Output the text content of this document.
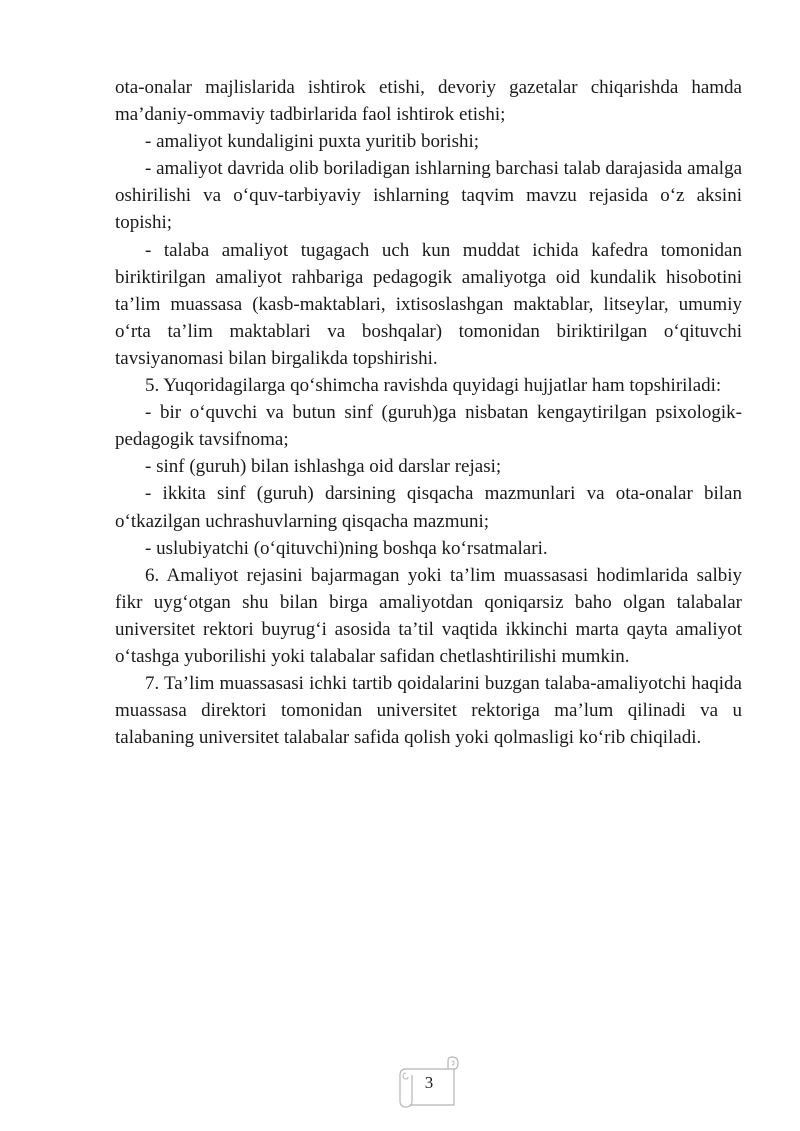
ota-onalar majlislarida ishtirok etishi, devoriy gazetalar chiqarishda hamda ma’daniy-ommaviy tadbirlarida faol ishtirok etishi;

- amaliyot kundaligini puxta yuritib borishi;

- amaliyot davrida olib boriladigan ishlarning barchasi talab darajasida amalga oshirilishi va o‘quv-tarbiyaviy ishlarning taqvim mavzu rejasida o‘z aksini topishi;

- talaba amaliyot tugagach uch kun muddat ichida kafedra tomonidan biriktirilgan amaliyot rahbariga pedagogik amaliyotga oid kundalik hisobotini ta’lim muassasa (kasb-maktablari, ixtisoslashgan maktablar, litseylar, umumiy o‘rta ta’lim maktablari va boshqalar) tomonidan biriktirilgan o‘qituvchi tavsiyanomasi bilan birgalikda topshirishi.

5. Yuqoridagilarga qo‘shimcha ravishda quyidagi hujjatlar ham topshiriladi:

- bir o‘quvchi va butun sinf (guruh)ga nisbatan kengaytirilgan psixologik-pedagogik tavsifnoma;

- sinf (guruh) bilan ishlashga oid darslar rejasi;

- ikkita sinf (guruh) darsining qisqacha mazmunlari va ota-onalar bilan o‘tkazilgan uchrashuvlarning qisqacha mazmuni;

- uslubiyatchi (o‘qituvchi)ning boshqa ko‘rsatmalari.

6. Amaliyot rejasini bajarmagan yoki ta’lim muassasasi hodimlarida salbiy fikr uyg‘otgan shu bilan birga amaliyotdan qoniqarsiz baho olgan talabalar universitet rektori buyrug‘i asosida ta’til vaqtida ikkinchi marta qayta amaliyot o‘tashga yuborilishi yoki talabalar safidan chetlashtirilishi mumkin.

7. Ta’lim muassasasi ichki tartib qoidalarini buzgan talaba-amaliyotchi haqida muassasa direktori tomonidan universitet rektoriga ma’lum qilinadi va u talabaning universitet talabalar safida qolish yoki qolmasligi ko‘rib chiqiladi.

3
